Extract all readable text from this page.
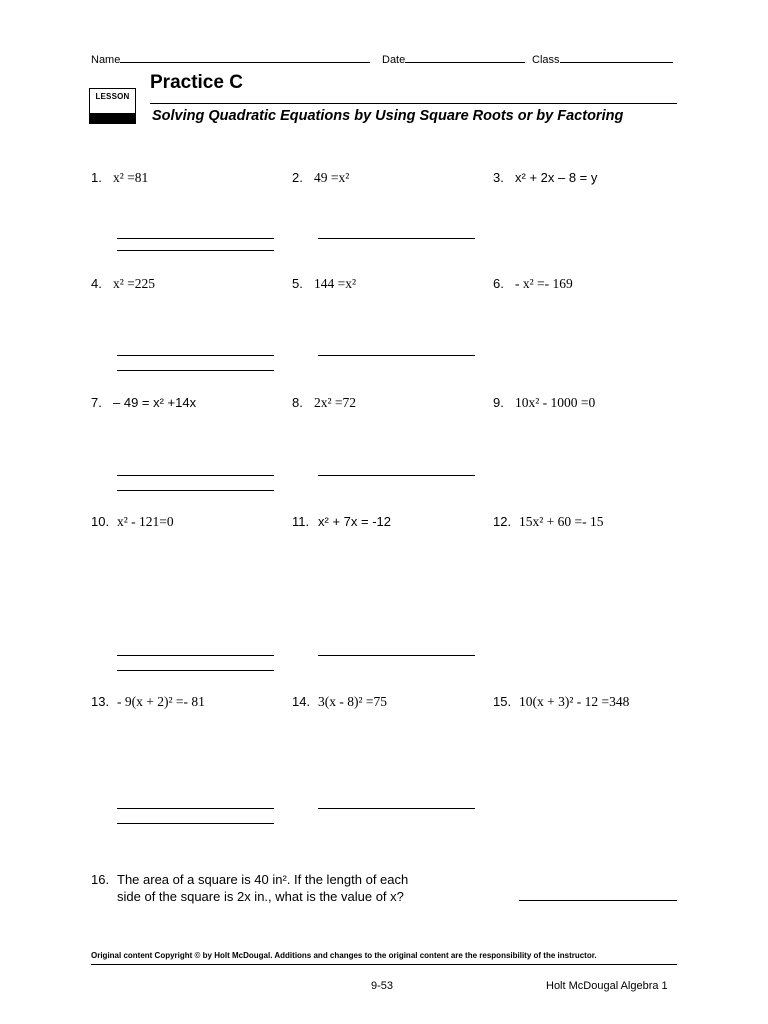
Name	Date	Class
LESSON
Practice C
Solving Quadratic Equations by Using Square Roots or by Factoring
1. x² =81	2. 49 =x²	3. x² + 2x – 8 = y
4. x² =225	5. 144 =x²	6. - x² =- 169
7. – 49 = x² +14x	8. 2x² =72	9. 10x² - 1000 =0
10. x² - 121=0	11. x² + 7x = -12	12. 15x² + 60 =- 15
13. - 9(x + 2)² =- 81	14. 3(x - 8)² =75	15. 10(x + 3)² - 12 =348
16. The area of a square is 40 in². If the length of each
side of the square is 2x in., what is the value of x?
Original content Copyright © by Holt McDougal. Additions and changes to the original content are the responsibility of the instructor.
9-53	Holt McDougal Algebra 1
